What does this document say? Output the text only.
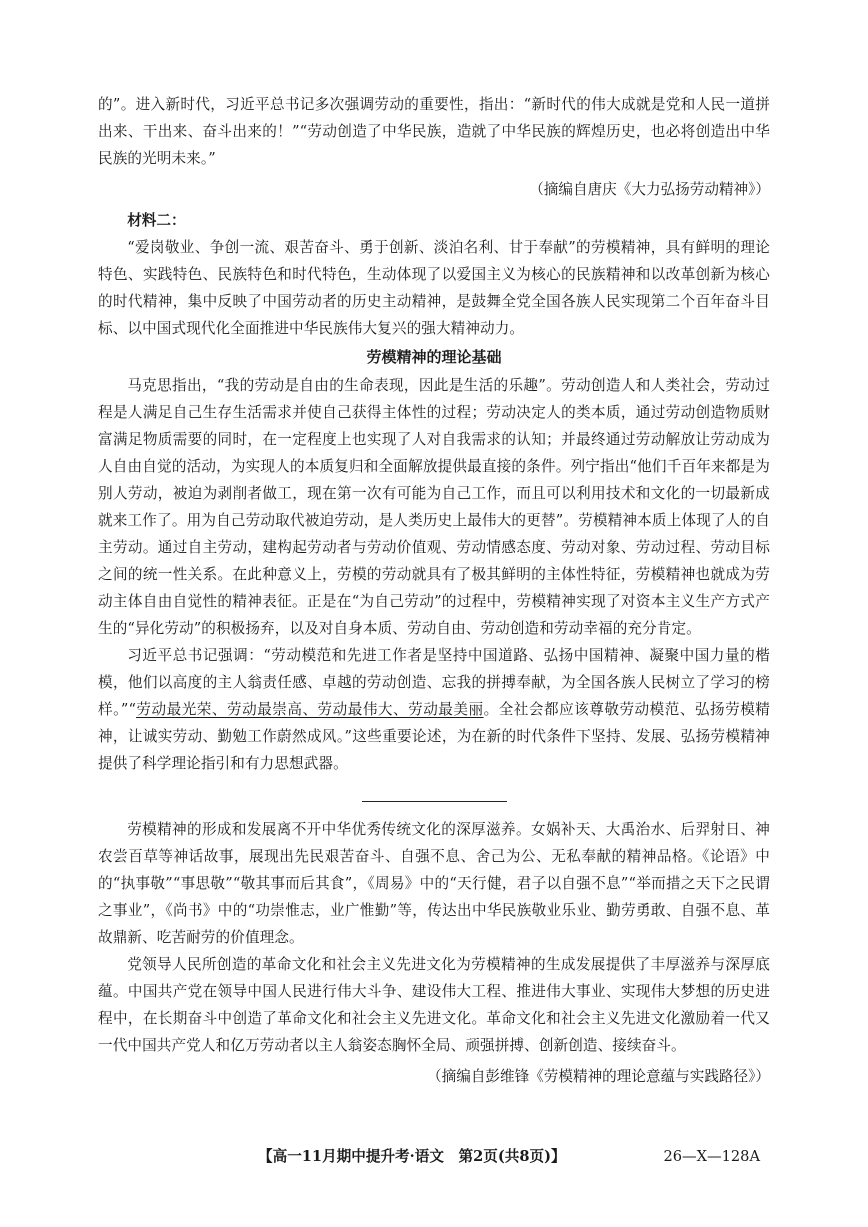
的”。进入新时代，习近平总书记多次强调劳动的重要性，指出：“新时代的伟大成就是党和人民一道拼出来、干出来、奋斗出来的！”“劳动创造了中华民族，造就了中华民族的辉煌历史，也必将创造出中华民族的光明未来。”

（摘编自唐庆《大力弘扬劳动精神》）
材料二：

“爱岗敬业、争创一流、艰苦奋斗、勇于创新、淡泊名利、甘于奉献”的劳模精神，具有鲜明的理论特色、实践特色、民族特色和时代特色，生动体现了以爱国主义为核心的民族精神和以改革创新为核心的时代精神，集中反映了中国劳动者的历史主动精神，是鼓舞全党全国各族人民实现第二个百年奋斗目标、以中国式现代化全面推进中华民族伟大复兴的强大精神动力。

劳模精神的理论基础

马克思指出，“我的劳动是自由的生命表现，因此是生活的乐趣”。劳动创造人和人类社会，劳动过程是人满足自己生存生活需求并使自己获得主体性的过程；劳动决定人的类本质，通过劳动创造物质财富满足物质需要的同时，在一定程度上也实现了人对自我需求的认知；并最终通过劳动解放让劳动成为人自由自觉的活动，为实现人的本质复归和全面解放提供最直接的条件。列宁指出“他们千百年来都是为别人劳动，被迫为剥削者做工，现在第一次有可能为自己工作，而且可以利用技术和文化的一切最新成就来工作了。用为自己劳动取代被迫劳动，是人类历史上最伟大的更替”。劳模精神本质上体现了人的自主劳动。通过自主劳动，建构起劳动者与劳动价值观、劳动情感态度、劳动对象、劳动过程、劳动目标之间的统一性关系。在此种意义上，劳模的劳动就具有了极其鲜明的主体性特征，劳模精神也就成为劳动主体自由自觉性的精神表征。正是在“为自己劳动”的过程中，劳模精神实现了对资本主义生产方式产生的“异化劳动”的积极扬弃，以及对自身本质、劳动自由、劳动创造和劳动幸福的充分肯定。

习近平总书记强调：“劳动模范和先进工作者是坚持中国道路、弘扬中国精神、凝聚中国力量的楷模，他们以高度的主人翁责任感、卓越的劳动创造、忘我的拼搏奉献，为全国各族人民树立了学习的榜样。”“劳动最光荣、劳动最崇高、劳动最伟大、劳动最美丽。全社会都应该尊敬劳动模范、弘扬劳模精神，让诚实劳动、勤勉工作蔚然成风。”这些重要论述，为在新的时代条件下坚持、发展、弘扬劳模精神提供了科学理论指引和有力思想武器。

劳模精神的形成和发展离不开中华优秀传统文化的深厚滋养。女娲补天、大禹治水、后羿射日、神农尝百草等神话故事，展现出先民艰苦奋斗、自强不息、舍己为公、无私奉献的精神品格。《论语》中的“执事敬”“事思敬”“敬其事而后其食”，《周易》中的“天行健，君子以自强不息”“举而措之天下之民谓之事业”，《尚书》中的“功崇惟志，业广惟勤”等，传达出中华民族敬业乐业、勤劳勇敢、自强不息、革故鼎新、吃苦耐劳的价值理念。

党领导人民所创造的革命文化和社会主义先进文化为劳模精神的生成发展提供了丰厚滋养与深厚底蕴。中国共产党在领导中国人民进行伟大斗争、建设伟大工程、推进伟大事业、实现伟大梦想的历史进程中，在长期奋斗中创造了革命文化和社会主义先进文化。革命文化和社会主义先进文化激励着一代又一代中国共产党人和亿万劳动者以主人翁姿态胸怀全局、顽强拼搏、创新创造、接续奋斗。

（摘编自彭维锋《劳模精神的理论意蕴与实践路径》）
【高一11月期中提升考·语文　第2页(共8页)】	26—X—128A
